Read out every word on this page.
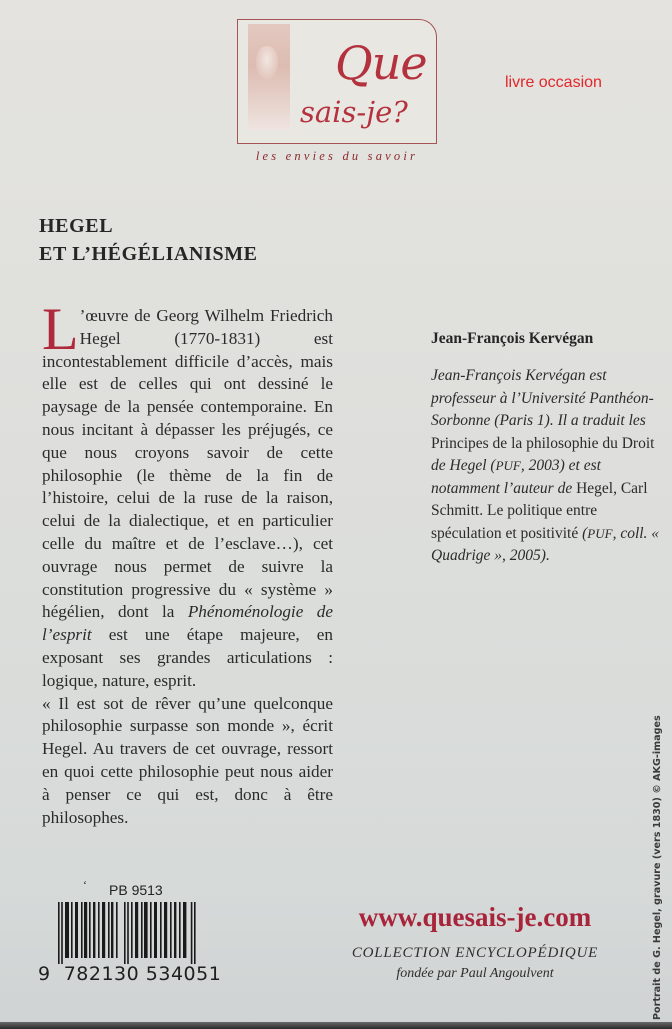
Que
sais-je?
les envies du savoir
livre occasion
HEGEL
ET L’HÉGÉLIANISME

L ’œuvre de Georg Wilhelm Friedrich Hegel (1770-1831) est incontestablement difficile d’accès, mais elle est de celles qui ont dessiné le paysage de la pensée contemporaine. En nous incitant à dépasser les préjugés, ce que nous croyons savoir de cette philosophie (le thème de la fin de l’histoire, celui de la ruse de la raison, celui de la dialectique, et en particulier celle du maître et de l’esclave…), cet ouvrage nous permet de suivre la constitution progressive du « système » hégélien, dont la Phénoménologie de l’esprit est une étape majeure, en exposant ses grandes articulations : logique, nature, esprit.

« Il est sot de rêver qu’une quelconque philosophie surpasse son monde », écrit Hegel. Au travers de cet ouvrage, ressort en quoi cette philosophie peut nous aider à penser ce qui est, donc à être philosophes.

Jean-François Kervégan
Jean-François Kervégan est professeur à l’Université Panthéon-Sorbonne (Paris 1). Il a traduit les Principes de la philosophie du Droit de Hegel (PUF, 2003) et est notamment l’auteur de Hegel, Carl Schmitt. Le politique entre spéculation et positivité (PUF, coll. « Quadrige », 2005).
Portrait de G. Hegel, gravure (vers 1830) © AKG-images
‘ PB 9513
9 782130 534051
www.quesais-je.com
COLLECTION ENCYCLOPÉDIQUE
fondée par Paul Angoulvent
